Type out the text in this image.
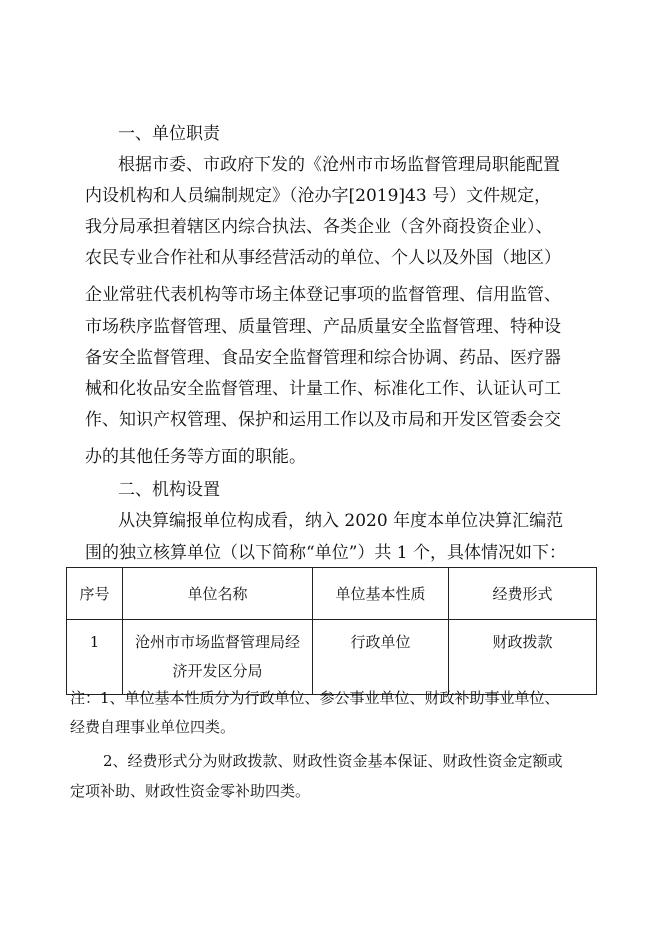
一、单位职责
根据市委、市政府下发的《沧州市市场监督管理局职能配置
内设机构和人员编制规定》（沧办字[2019]43 号）文件规定，
我分局承担着辖区内综合执法、各类企业（含外商投资企业）、
农民专业合作社和从事经营活动的单位、个人以及外国（地区）
企业常驻代表机构等市场主体登记事项的监督管理、信用监管、
市场秩序监督管理、质量管理、产品质量安全监督管理、特种设
备安全监督管理、食品安全监督管理和综合协调、药品、医疗器
械和化妆品安全监督管理、计量工作、标准化工作、认证认可工
作、知识产权管理、保护和运用工作以及市局和开发区管委会交
办的其他任务等方面的职能。
二、机构设置
从决算编报单位构成看，纳入 2020 年度本单位决算汇编范
围的独立核算单位（以下简称“单位”）共 1 个，具体情况如下：
序号	单位名称	单位基本性质	经费形式
1	沧州市市场监督管理局经
济开发区分局	行政单位	财政拨款
注：1、单位基本性质分为行政单位、参公事业单位、财政补助事业单位、
经费自理事业单位四类。
2、经费形式分为财政拨款、财政性资金基本保证、财政性资金定额或
定项补助、财政性资金零补助四类。
